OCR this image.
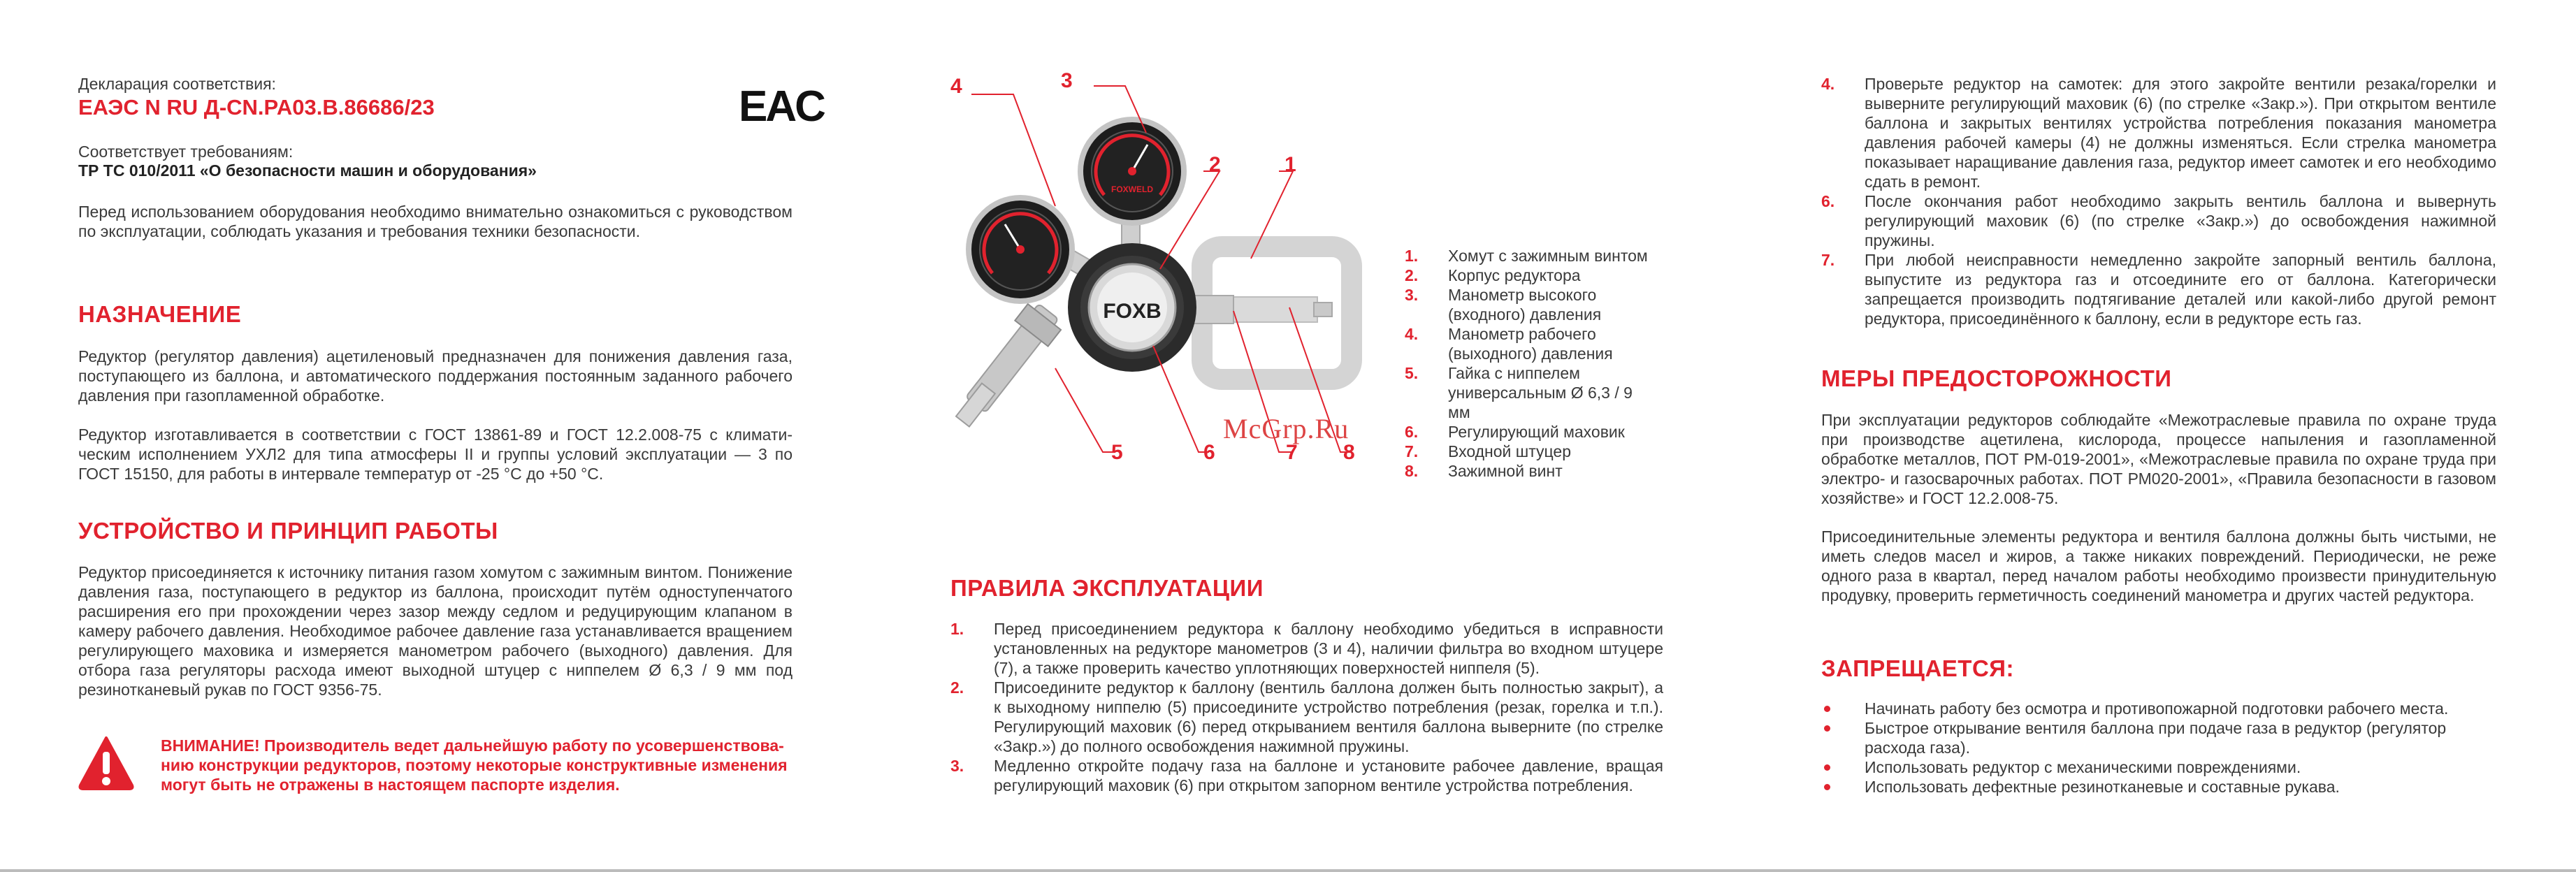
Декларация соответствия:
ЕАЭС N RU Д-CN.PA03.B.86686/23	EAC
Соответствует требованиям:
ТР ТС 010/2011 «О безопасности машин и оборудования»

Перед использованием оборудования необходимо внимательно ознакомиться с руководством по эксплуатации, соблюдать указания и требования техники безопасности.

НАЗНАЧЕНИЕ

Редуктор (регулятор давления) ацетиленовый предназначен для понижения давления газа, поступающего из баллона, и автоматического поддержания постоянным заданного рабочего давления при газопламенной обработке.

Редуктор изготавливается в соответствии с ГОСТ 13861-89 и ГОСТ 12.2.008-75 с климатическим исполнением УХЛ2 для типа атмосферы II и группы условий эксплуатации — 3 по ГОСТ 15150, для работы в интервале температур от -25 °С до +50 °С.

УСТРОЙСТВО И ПРИНЦИП РАБОТЫ

Редуктор присоединяется к источнику питания газом хомутом с зажимным винтом. Понижение давления газа, поступающего в редуктор из баллона, происходит путём одноступенчатого расширения его при прохождении через зазор между седлом и редуцирующим клапаном в камеру рабочего давления. Необходимое рабочее давление газа устанавливается вращением регулирующего маховика и измеряется манометром рабочего (выходного) давления. Для отбора газа регуляторы расхода имеют выходной штуцер с ниппелем Ø 6,3 / 9 мм под резинотканевый рукав по ГОСТ 9356-75.

ВНИМАНИЕ! Производитель ведет дальнейшую работу по усовершенствованию конструкции редукторов, поэтому некоторые конструктивные изменения могут быть не отражены в настоящем паспорте изделия.

FOXB
FOXWELD
4	3
2	1
5	6	7 8
McGrp.Ru
1. Хомут с зажимным винтом
2. Корпус редуктора
3. Манометр высокого (входного) давления
4. Манометр рабочего (выходного) давления
5. Гайка с ниппелем универсальным Ø 6,3 / 9 мм
6. Регулирующий маховик
7. Входной штуцер
8. Зажимной винт
ПРАВИЛА ЭКСПЛУАТАЦИИ
1. Перед присоединением редуктора к баллону необходимо убедиться в исправности установленных на редукторе манометров (3 и 4), наличии фильтра во входном штуцере (7), а также проверить качество уплотняющих поверхностей ниппеля (5).
2. Присоедините редуктор к баллону (вентиль баллона должен быть полностью закрыт), а к выходному ниппелю (5) присоедините устройство потребления (резак, горелка и т.п.). Регулирующий маховик (6) перед открыванием вентиля баллона выверните (по стрелке «Закр.») до полного освобождения нажимной пружины.
3. Медленно откройте подачу газа на баллоне и установите рабочее давление, вращая регулирующий маховик (6) при открытом запорном вентиле устройства потребления.
4. Проверьте редуктор на самотек: для этого закройте вентили резака/горелки и выверните регулирующий маховик (6) (по стрелке «Закр.»). При открытом вентиле баллона и закрытых вентилях устройства потребления показания манометра давления рабочей камеры (4) не должны изменяться. Если стрелка манометра показывает наращивание давления газа, редуктор имеет самотек и его необходимо сдать в ремонт.
6. После окончания работ необходимо закрыть вентиль баллона и вывернуть регулирующий маховик (6) (по стрелке «Закр.») до освобождения нажимной пружины.
7. При любой неисправности немедленно закройте запорный вентиль баллона, выпустите из редуктора газ и отсоедините его от баллона. Категорически запрещается производить подтягивание деталей или какой-либо другой ремонт редуктора, присоединённого к баллону, если в редукторе есть газ.
МЕРЫ ПРЕДОСТОРОЖНОСТИ

При эксплуатации редукторов соблюдайте «Межотраслевые правила по охране труда при производстве ацетилена, кислорода, процессе напыления и газопламенной обработке металлов, ПОТ РМ-019-2001», «Межотраслевые правила по охране труда при электро- и газосварочных работах. ПОТ РМ020-2001», «Правила безопасности в газовом хозяйстве» и ГОСТ 12.2.008-75.

Присоединительные элементы редуктора и вентиля баллона должны быть чистыми, не иметь следов масел и жиров, а также никаких повреждений. Периодически, не реже одного раза в квартал, перед началом работы необходимо произвести принудительную продувку, проверить герметичность соединений манометра и других частей редуктора.

ЗАПРЕЩАЕТСЯ:
Начинать работу без осмотра и противопожарной подготовки рабочего места.
Быстрое открывание вентиля баллона при подаче газа в редуктор (регулятор расхода газа).
Использовать редуктор с механическими повреждениями.
Использовать дефектные резинотканевые и составные рукава.
